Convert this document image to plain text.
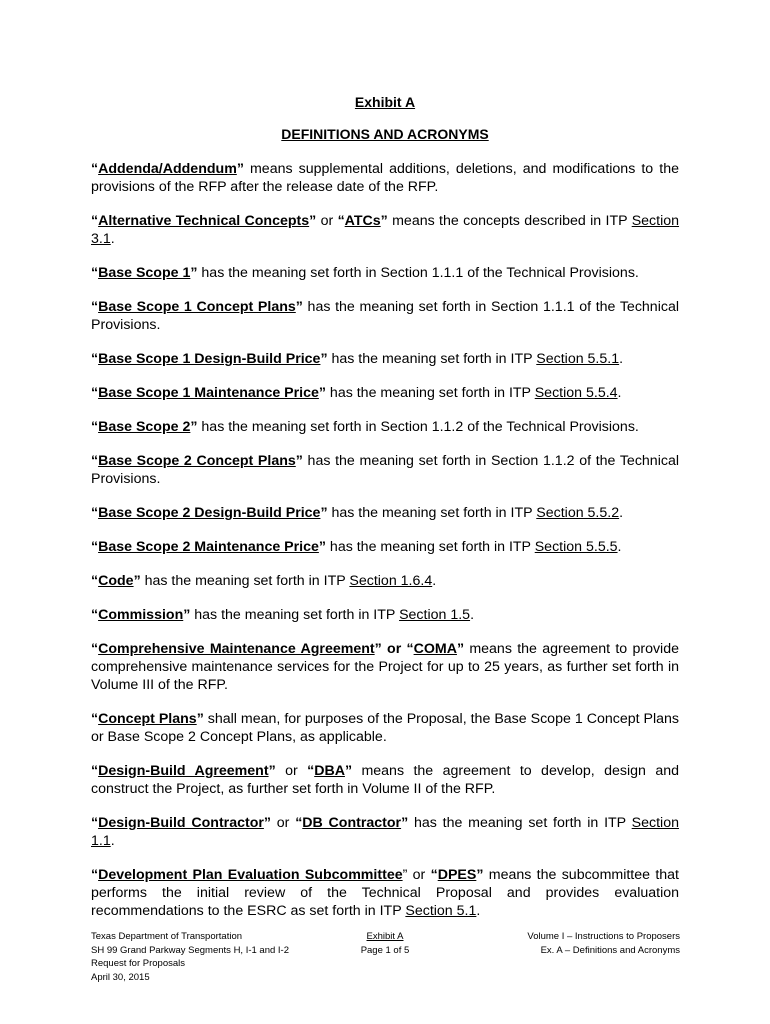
Exhibit A
DEFINITIONS AND ACRONYMS

“Addenda/Addendum” means supplemental additions, deletions, and modifications to the provisions of the RFP after the release date of the RFP.

“Alternative Technical Concepts” or “ATCs” means the concepts described in ITP Section 3.1.

“Base Scope 1” has the meaning set forth in Section 1.1.1 of the Technical Provisions.

“Base Scope 1 Concept Plans” has the meaning set forth in Section 1.1.1 of the Technical Provisions.

“Base Scope 1 Design-Build Price” has the meaning set forth in ITP Section 5.5.1.

“Base Scope 1 Maintenance Price” has the meaning set forth in ITP Section 5.5.4.

“Base Scope 2” has the meaning set forth in Section 1.1.2 of the Technical Provisions.

“Base Scope 2 Concept Plans” has the meaning set forth in Section 1.1.2 of the Technical Provisions.

“Base Scope 2 Design-Build Price” has the meaning set forth in ITP Section 5.5.2.

“Base Scope 2 Maintenance Price” has the meaning set forth in ITP Section 5.5.5.

“Code” has the meaning set forth in ITP Section 1.6.4.

“Commission” has the meaning set forth in ITP Section 1.5.

“Comprehensive Maintenance Agreement” or “COMA” means the agreement to provide comprehensive maintenance services for the Project for up to 25 years, as further set forth in Volume III of the RFP.

“Concept Plans” shall mean, for purposes of the Proposal, the Base Scope 1 Concept Plans or Base Scope 2 Concept Plans, as applicable.

“Design-Build Agreement” or “DBA” means the agreement to develop, design and construct the Project, as further set forth in Volume II of the RFP.

“Design-Build Contractor” or “DB Contractor” has the meaning set forth in ITP Section 1.1.

“Development Plan Evaluation Subcommittee” or “DPES” means the subcommittee that performs the initial review of the Technical Proposal and provides evaluation recommendations to the ESRC as set forth in ITP Section 5.1.

Texas Department of Transportation
SH 99 Grand Parkway Segments H, I-1 and I-2
Request for Proposals
April 30, 2015
Exhibit A
Page 1 of 5
Volume I – Instructions to Proposers
Ex. A – Definitions and Acronyms
